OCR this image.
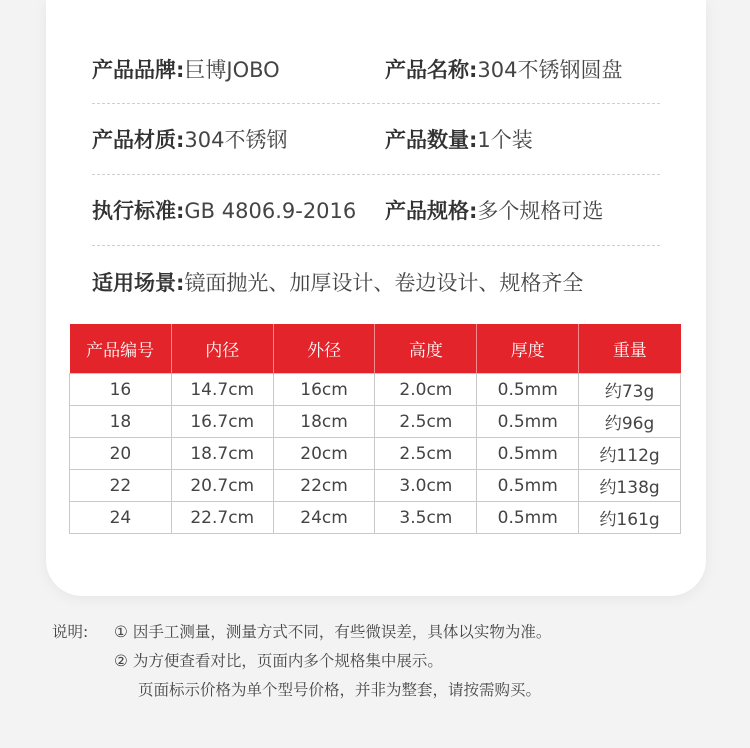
产品品牌:巨博JOBO	产品名称:304不锈钢圆盘
产品材质:304不锈钢	产品数量:1个装
执行标准:GB 4806.9-2016 产品规格:多个规格可选
适用场景:镜面抛光、加厚设计、卷边设计、规格齐全
产品编号	内径	外径	高度	厚度	重量
16	14.7cm	16cm	2.0cm	0.5mm	约73g
18	16.7cm	18cm	2.5cm	0.5mm	约96g
20	18.7cm	20cm	2.5cm	0.5mm	约112g
22	20.7cm	22cm	3.0cm	0.5mm	约138g
24	22.7cm	24cm	3.5cm	0.5mm	约161g
说明: ① 因手工测量，测量方式不同，有些微误差，具体以实物为准。
② 为方便查看对比，页面内多个规格集中展示。
页面标示价格为单个型号价格，并非为整套，请按需购买。
